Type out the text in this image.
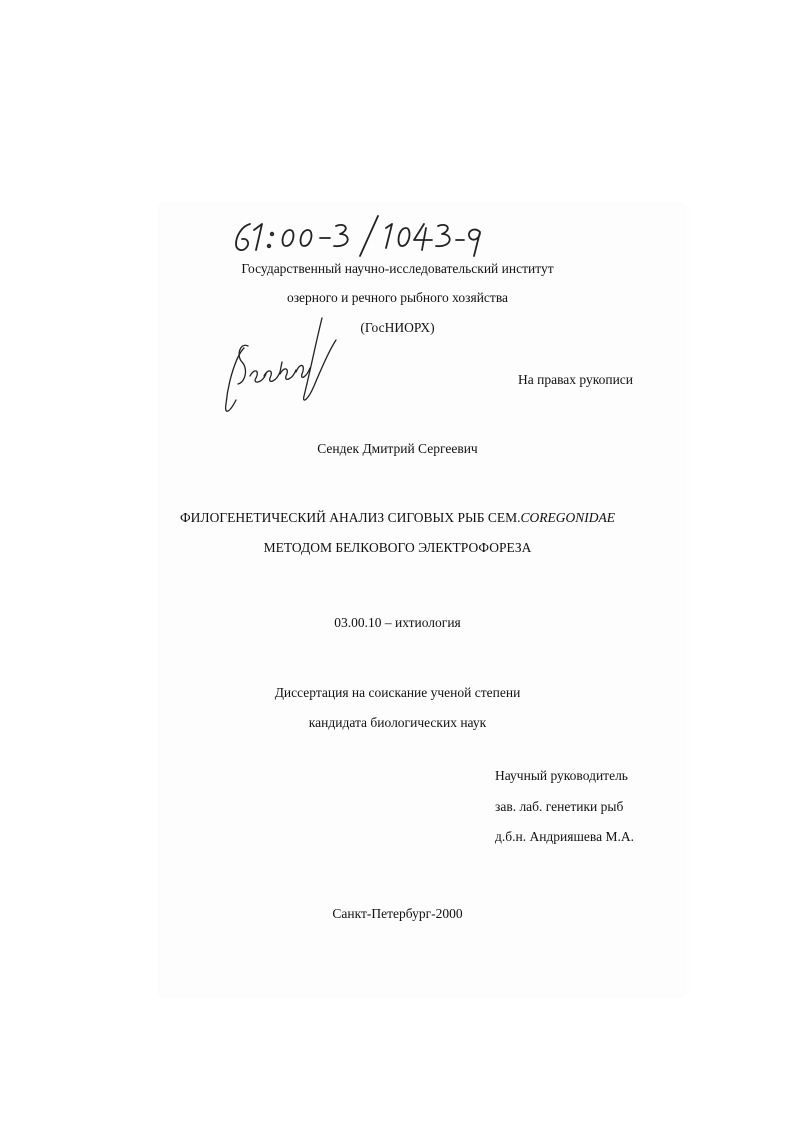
Государственный научно-исследовательский институт
озерного и речного рыбного хозяйства
(ГосНИОРХ)
На правах рукописи
Сендек Дмитрий Сергеевич
ФИЛОГЕНЕТИЧЕСКИЙ АНАЛИЗ СИГОВЫХ РЫБ СЕМ.COREGONIDAE
МЕТОДОМ БЕЛКОВОГО ЭЛЕКТРОФОРЕЗА
03.00.10 – ихтиология
Диссертация на соискание ученой степени
кандидата биологических наук
Научный руководитель
зав. лаб. генетики рыб
д.б.н. Андрияшева М.А.
Санкт-Петербург-2000
